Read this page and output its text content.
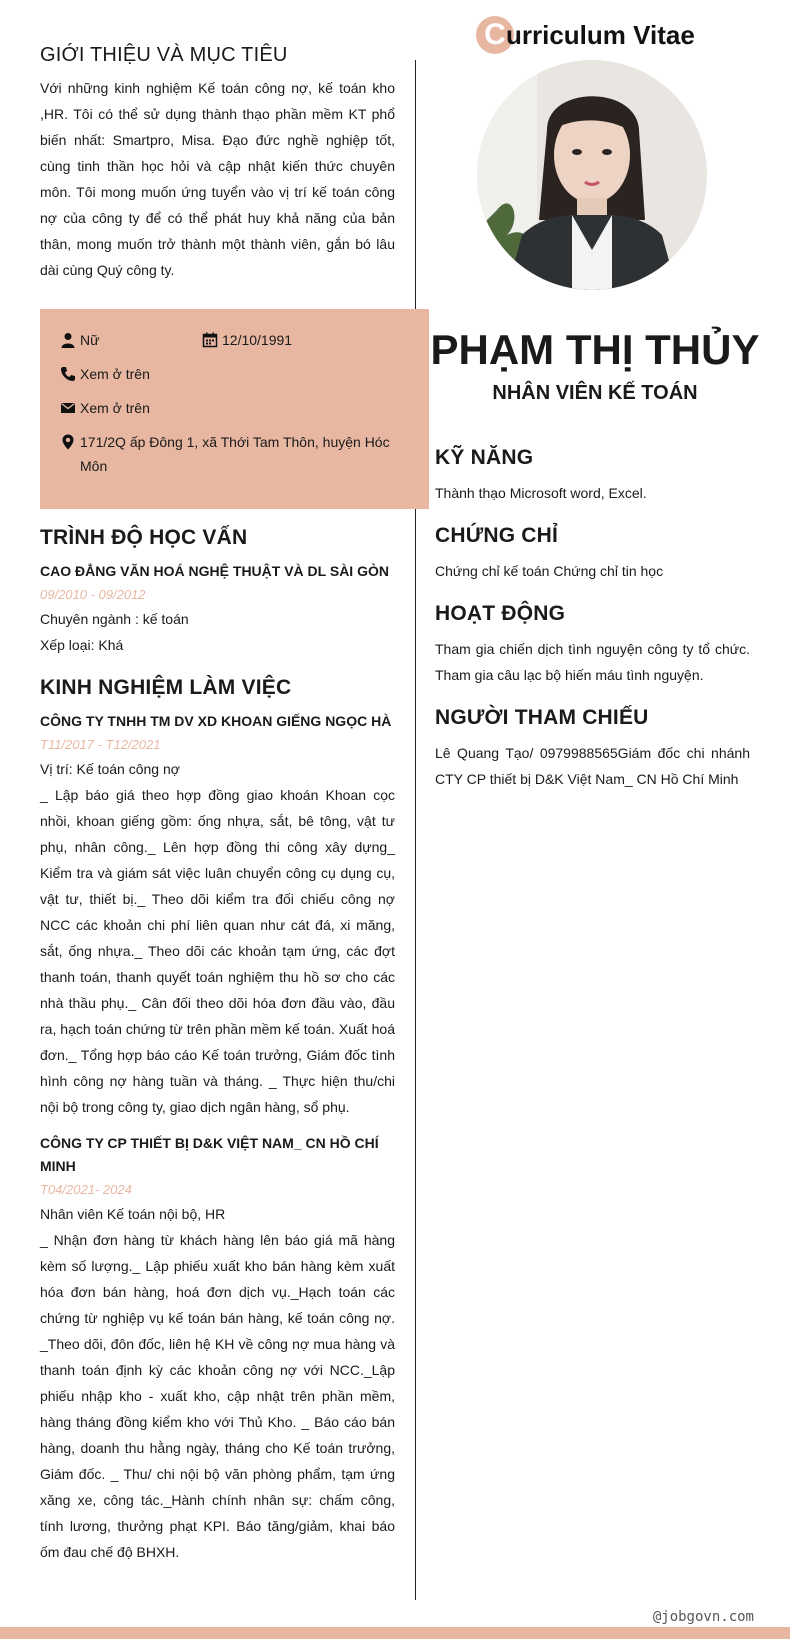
GIỚI THIỆU VÀ MỤC TIÊU

Với những kinh nghiệm Kế toán công nợ, kế toán kho ,HR. Tôi có thể sử dụng thành thạo phần mềm KT phổ biến nhất: Smartpro, Misa. Đạo đức nghề nghiệp tốt, cùng tinh thần học hỏi và cập nhật kiến thức chuyên môn. Tôi mong muốn ứng tuyển vào vị trí kế toán công nợ của công ty để có thể phát huy khả năng của bản thân, mong muốn trở thành một thành viên, gắn bó lâu dài cùng Quý công ty.

Nữ	12/10/1991
Xem ở trên
Xem ở trên
171/2Q ấp Đông 1, xã Thới Tam Thôn, huyện Hóc Môn
TRÌNH ĐỘ HỌC VẤN

CAO ĐẲNG VĂN HOÁ NGHỆ THUẬT VÀ DL SÀI GÒN

09/2010 - 09/2012

Chuyên ngành : kế toán

Xếp loại: Khá

KINH NGHIỆM LÀM VIỆC

CÔNG TY TNHH TM DV XD KHOAN GIẾNG NGỌC HÀ

T11/2017 - T12/2021

Vị trí: Kế toán công nợ

_ Lập báo giá theo hợp đồng giao khoán Khoan cọc nhồi, khoan giếng gồm: ống nhựa, sắt, bê tông, vật tư phụ, nhân công._ Lên hợp đồng thi công xây dựng_ Kiểm tra và giám sát việc luân chuyển công cụ dụng cụ, vật tư, thiết bị._ Theo dõi kiểm tra đối chiếu công nợ NCC các khoản chi phí liên quan như cát đá, xi măng, sắt, ống nhựa._ Theo dõi các khoản tạm ứng, các đợt thanh toán, thanh quyết toán nghiệm thu hồ sơ cho các nhà thầu phụ._ Cân đối theo dõi hóa đơn đầu vào, đầu ra, hạch toán chứng từ trên phần mềm kế toán. Xuất hoá đơn._ Tổng hợp báo cáo Kế toán trưởng, Giám đốc tình hình công nợ hàng tuần và tháng. _ Thực hiện thu/chi nội bộ trong công ty, giao dịch ngân hàng, sổ phụ.

CÔNG TY CP THIẾT BỊ D&K VIỆT NAM_ CN HỒ CHÍ MINH

T04/2021- 2024

Nhân viên Kế toán nội bộ, HR

_ Nhận đơn hàng từ khách hàng lên báo giá mã hàng kèm số lượng._ Lập phiếu xuất kho bán hàng kèm xuất hóa đơn bán hàng, hoá đơn dịch vụ._Hạch toán các chứng từ nghiệp vụ kế toán bán hàng, kế toán công nợ. _Theo dõi, đôn đốc, liên hệ KH về công nợ mua hàng và thanh toán định kỳ các khoản công nợ với NCC._Lập phiếu nhập kho - xuất kho, cập nhật trên phần mềm, hàng tháng đồng kiểm kho với Thủ Kho. _ Báo cáo bán hàng, doanh thu hằng ngày, tháng cho Kế toán trưởng, Giám đốc. _ Thu/ chi nội bộ văn phòng phẩm, tạm ứng xăng xe, công tác._Hành chính nhân sự: chấm công, tính lương, thưởng phạt KPI. Báo tăng/giảm, khai báo ốm đau chế độ BHXH.

C urriculum Vitae
PHẠM THỊ THỦY
NHÂN VIÊN KẾ TOÁN
KỸ NĂNG

Thành thạo Microsoft word, Excel.

CHỨNG CHỈ

Chứng chỉ kế toán Chứng chỉ tin học

HOẠT ĐỘNG

Tham gia chiến dịch tình nguyện công ty tổ chức. Tham gia câu lạc bộ hiến máu tình nguyện.

NGƯỜI THAM CHIẾU

Lê Quang Tạo/ 0979988565Giám đốc chi nhánh CTY CP thiết bị D&K Việt Nam_ CN Hồ Chí Minh

@jobgovn.com
